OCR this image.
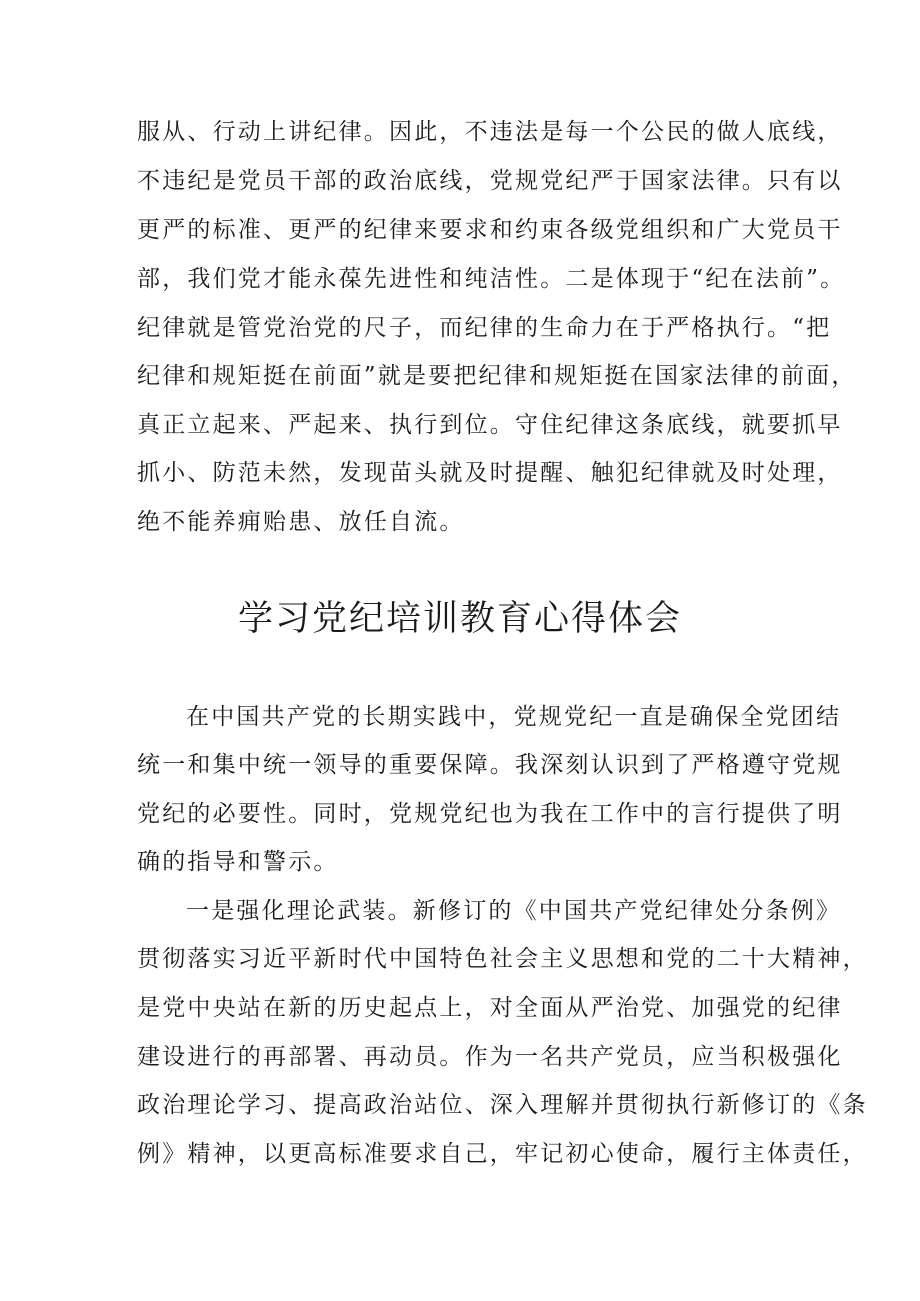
服从、行动上讲纪律。因此，不违法是每一个公民的做人底线，
不违纪是党员干部的政治底线，党规党纪严于国家法律。只有以
更严的标准、更严的纪律来要求和约束各级党组织和广大党员干
部，我们党才能永葆先进性和纯洁性。二是体现于“纪在法前”。
纪律就是管党治党的尺子，而纪律的生命力在于严格执行。“把
纪律和规矩挺在前面”就是要把纪律和规矩挺在国家法律的前面，
真正立起来、严起来、执行到位。守住纪律这条底线，就要抓早
抓小、防范未然，发现苗头就及时提醒、触犯纪律就及时处理，
绝不能养痈贻患、放任自流。
学习党纪培训教育心得体会
在中国共产党的长期实践中，党规党纪一直是确保全党团结
统一和集中统一领导的重要保障。我深刻认识到了严格遵守党规
党纪的必要性。同时，党规党纪也为我在工作中的言行提供了明
确的指导和警示。
一是强化理论武装。新修订的《中国共产党纪律处分条例》
贯彻落实习近平新时代中国特色社会主义思想和党的二十大精神，
是党中央站在新的历史起点上，对全面从严治党、加强党的纪律
建设进行的再部署、再动员。作为一名共产党员，应当积极强化
政治理论学习、提高政治站位、深入理解并贯彻执行新修订的《条
例》精神，以更高标准要求自己，牢记初心使命，履行主体责任，
